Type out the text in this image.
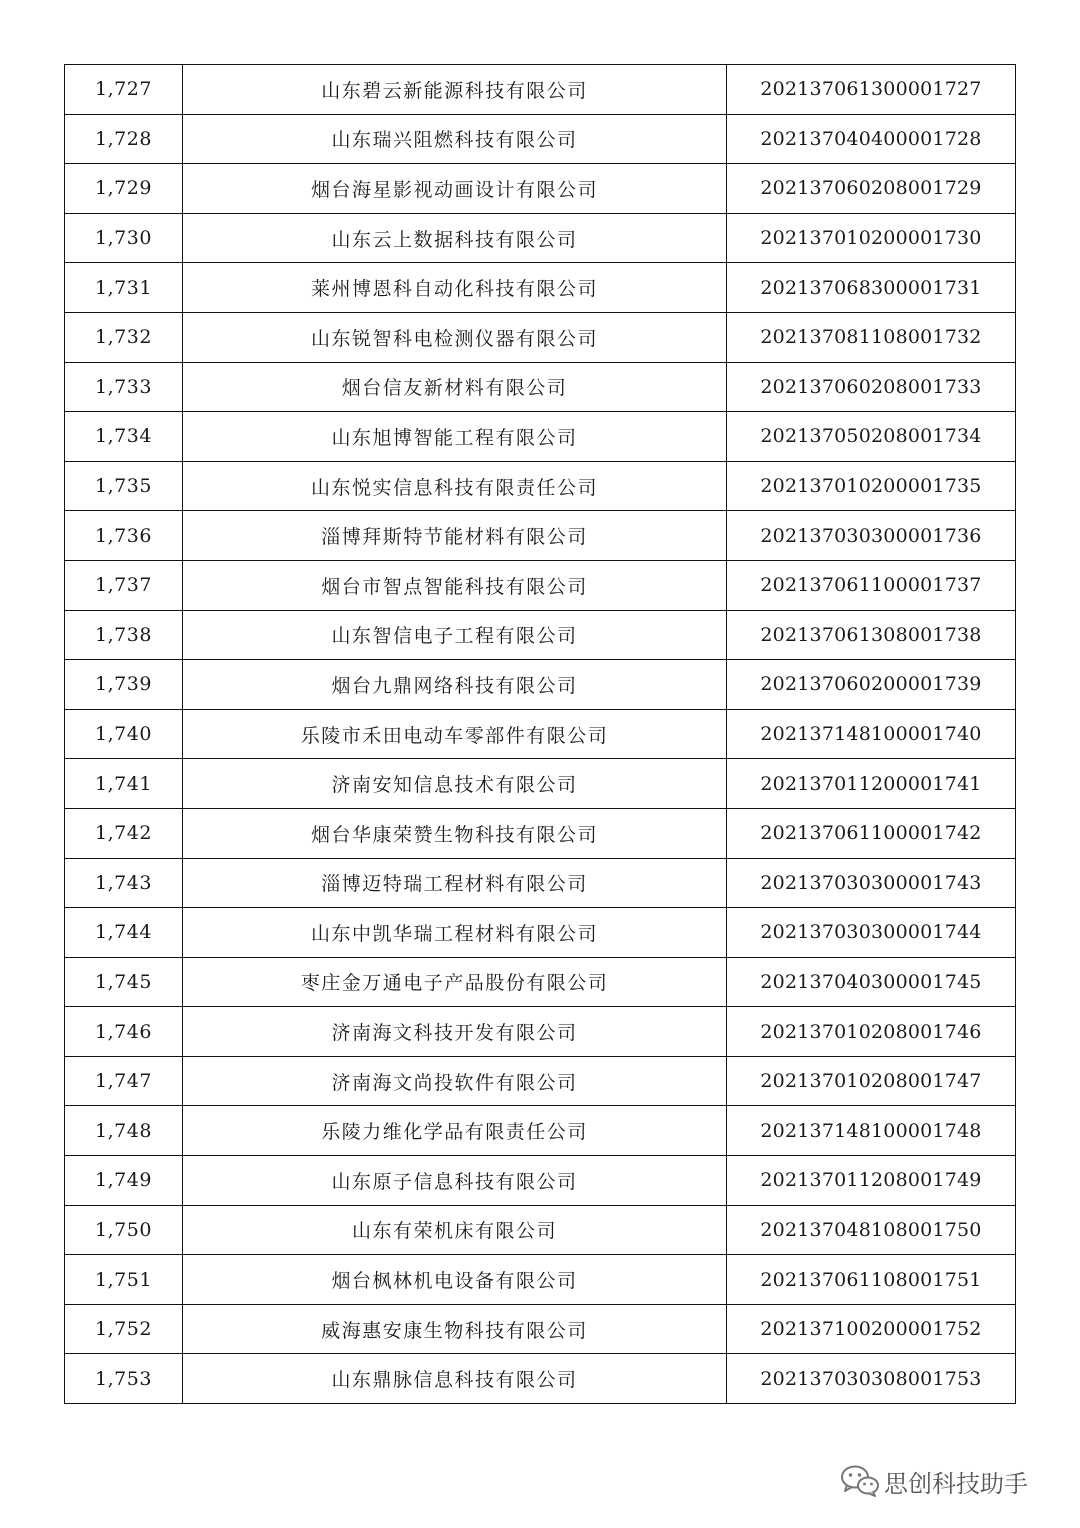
1,727	山东碧云新能源科技有限公司	202137061300001727
1,728	山东瑞兴阻燃科技有限公司	202137040400001728
1,729	烟台海星影视动画设计有限公司	202137060208001729
1,730	山东云上数据科技有限公司	202137010200001730
1,731	莱州博恩科自动化科技有限公司	202137068300001731
1,732	山东锐智科电检测仪器有限公司	202137081108001732
1,733	烟台信友新材料有限公司	202137060208001733
1,734	山东旭博智能工程有限公司	202137050208001734
1,735	山东悦实信息科技有限责任公司	202137010200001735
1,736	淄博拜斯特节能材料有限公司	202137030300001736
1,737	烟台市智点智能科技有限公司	202137061100001737
1,738	山东智信电子工程有限公司	202137061308001738
1,739	烟台九鼎网络科技有限公司	202137060200001739
1,740	乐陵市禾田电动车零部件有限公司	202137148100001740
1,741	济南安知信息技术有限公司	202137011200001741
1,742	烟台华康荣赞生物科技有限公司	202137061100001742
1,743	淄博迈特瑞工程材料有限公司	202137030300001743
1,744	山东中凯华瑞工程材料有限公司	202137030300001744
1,745	枣庄金万通电子产品股份有限公司	202137040300001745
1,746	济南海文科技开发有限公司	202137010208001746
1,747	济南海文尚投软件有限公司	202137010208001747
1,748	乐陵力维化学品有限责任公司	202137148100001748
1,749	山东原子信息科技有限公司	202137011208001749
1,750	山东有荣机床有限公司	202137048108001750
1,751	烟台枫林机电设备有限公司	202137061108001751
1,752	威海惠安康生物科技有限公司	202137100200001752
1,753	山东鼎脉信息科技有限公司	202137030308001753
思创科技助手
